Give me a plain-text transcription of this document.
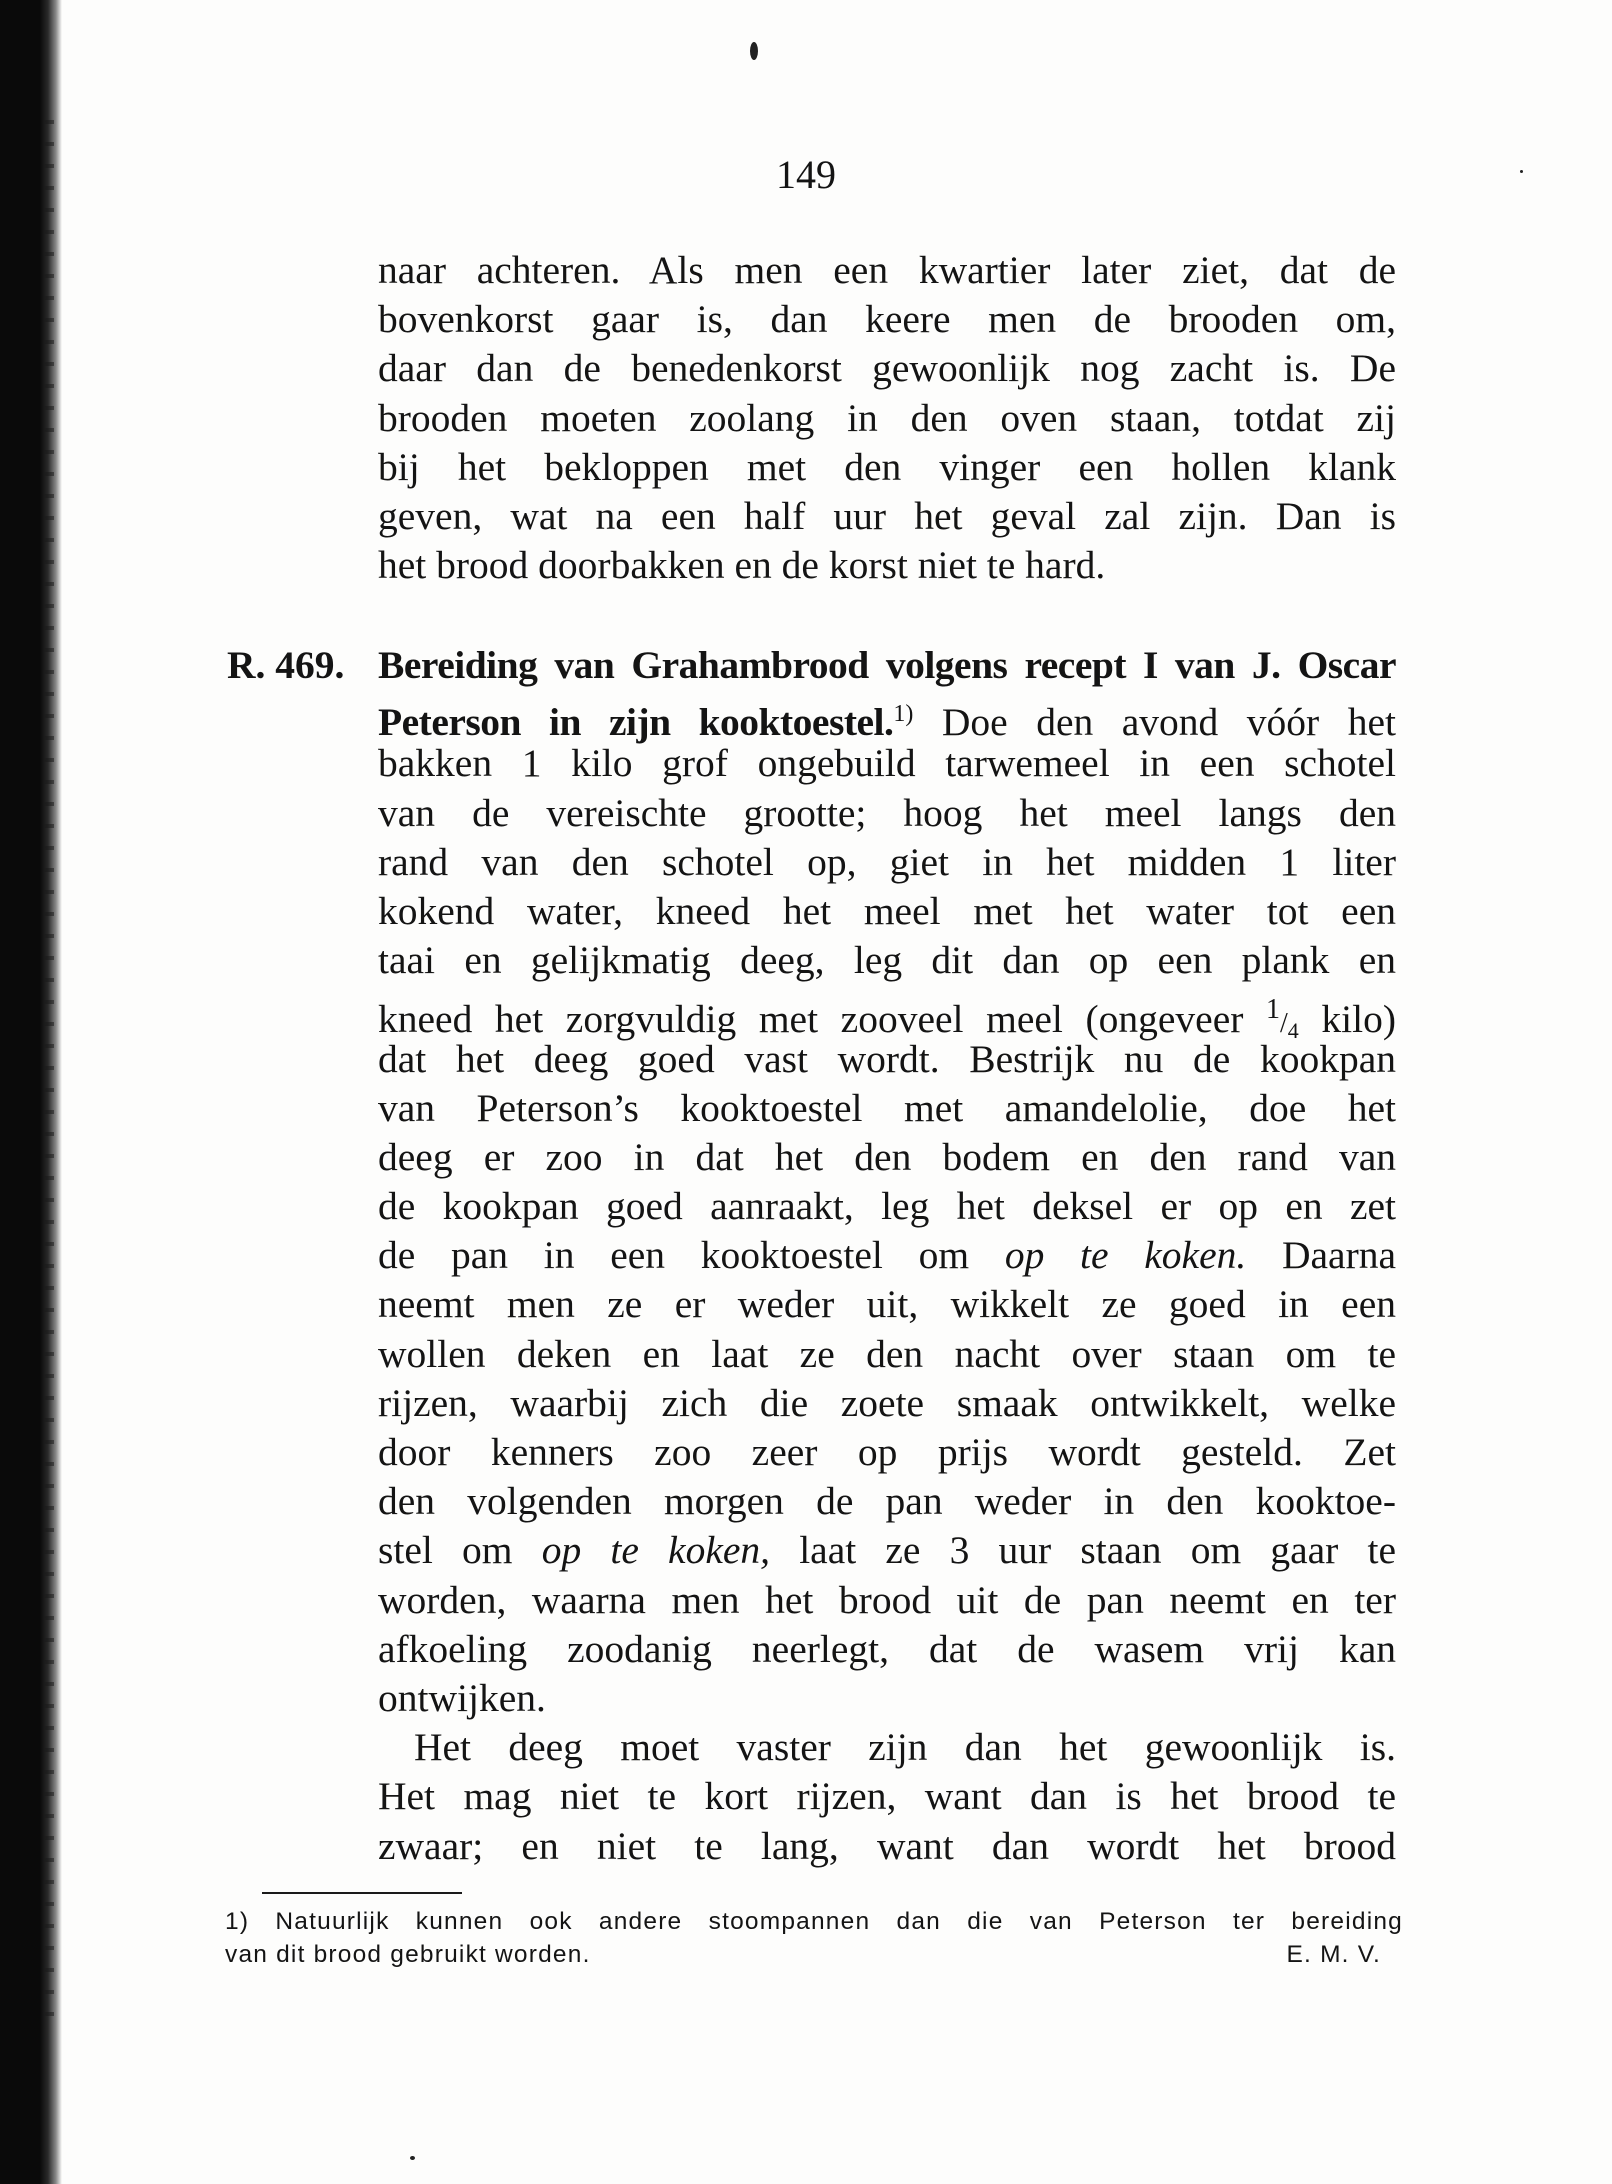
149
naar achteren. Als men een kwartier later ziet, dat de
bovenkorst gaar is, dan keere men de brooden om,
daar dan de benedenkorst gewoonlijk nog zacht is. De
brooden moeten zoolang in den oven staan, totdat zij
bij het bekloppen met den vinger een hollen klank
geven, wat na een half uur het geval zal zijn. Dan is
het brood doorbakken en de korst niet te hard.
R. 469. Bereiding van Grahambrood volgens recept I van J. Oscar
Peterson in zijn kooktoestel.$^{1)}$ Doe den avond vóór het
bakken 1 kilo grof ongebuild tarwemeel in een schotel
van de vereischte grootte; hoog het meel langs den
rand van den schotel op, giet in het midden 1 liter
kokend water, kneed het meel met het water tot een
taai en gelijkmatig deeg, leg dit dan op een plank en
kneed het zorgvuldig met zooveel meel (ongeveer $^1$/4 kilo)
dat het deeg goed vast wordt. Bestrijk nu de kookpan
van Peterson’s kooktoestel met amandelolie, doe het
deeg er zoo in dat het den bodem en den rand van
de kookpan goed aanraakt, leg het deksel er op en zet
de pan in een kooktoestel om op te koken. Daarna
neemt men ze er weder uit, wikkelt ze goed in een
wollen deken en laat ze den nacht over staan om te
rijzen, waarbij zich die zoete smaak ontwikkelt, welke
door kenners zoo zeer op prijs wordt gesteld. Zet
den volgenden morgen de pan weder in den kooktoe-
stel om op te koken, laat ze 3 uur staan om gaar te
worden, waarna men het brood uit de pan neemt en ter
afkoeling zoodanig neerlegt, dat de wasem vrij kan
ontwijken.
Het deeg moet vaster zijn dan het gewoonlijk is.
Het mag niet te kort rijzen, want dan is het brood te
zwaar; en niet te lang, want dan wordt het brood
1) Natuurlijk kunnen ook andere stoompannen dan die van Peterson ter bereiding
van dit brood gebruikt worden.	E. M. V.
